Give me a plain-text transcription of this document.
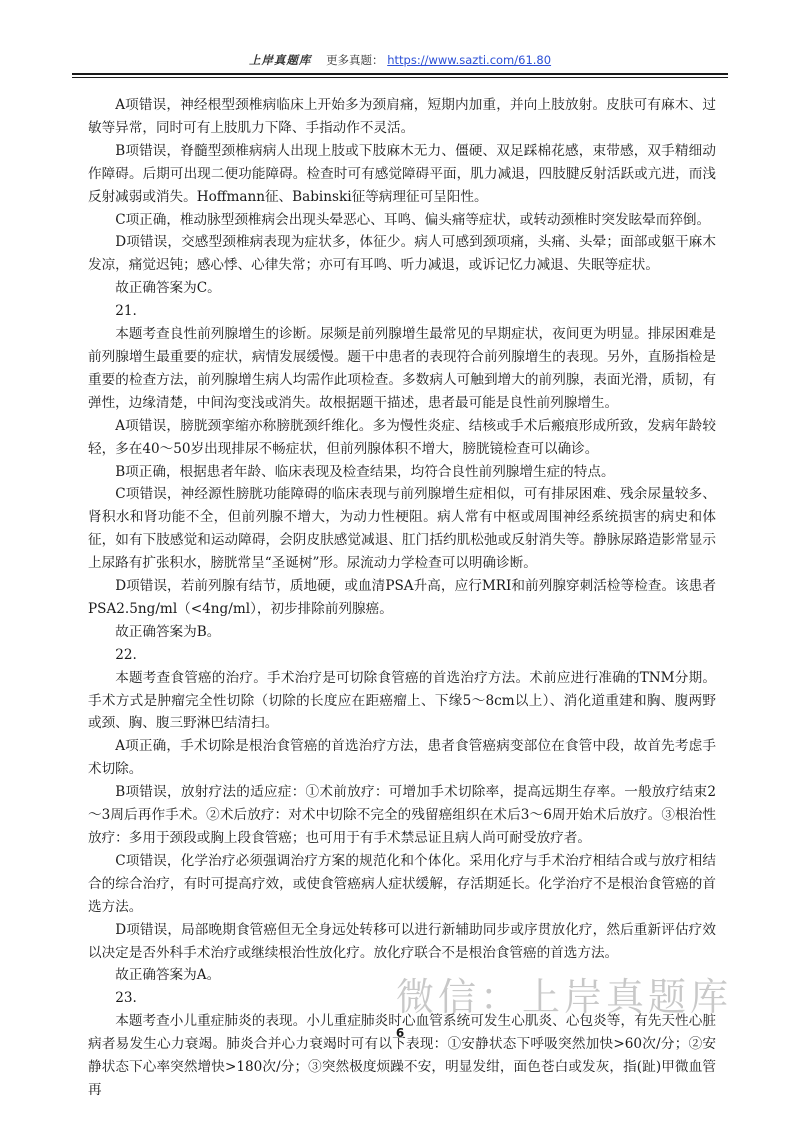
上岸真题库 更多真题： https://www.sazti.com/61.80

A项错误，神经根型颈椎病临床上开始多为颈肩痛，短期内加重，并向上肢放射。皮肤可有麻木、过敏等异常，同时可有上肢肌力下降、手指动作不灵活。

B项错误，脊髓型颈椎病病人出现上肢或下肢麻木无力、僵硬、双足踩棉花感，束带感，双手精细动作障碍。后期可出现二便功能障碍。检查时可有感觉障碍平面，肌力减退，四肢腱反射活跃或亢进，而浅反射减弱或消失。Hoffmann征、Babinski征等病理征可呈阳性。

C项正确，椎动脉型颈椎病会出现头晕恶心、耳鸣、偏头痛等症状，或转动颈椎时突发眩晕而猝倒。

D项错误，交感型颈椎病表现为症状多，体征少。病人可感到颈项痛，头痛、头晕；面部或躯干麻木发凉，痛觉迟钝；感心悸、心律失常；亦可有耳鸣、听力减退，或诉记忆力减退、失眠等症状。

故正确答案为C。

21.

本题考查良性前列腺增生的诊断。尿频是前列腺增生最常见的早期症状，夜间更为明显。排尿困难是前列腺增生最重要的症状，病情发展缓慢。题干中患者的表现符合前列腺增生的表现。另外，直肠指检是重要的检查方法，前列腺增生病人均需作此项检查。多数病人可触到增大的前列腺，表面光滑，质韧，有弹性，边缘清楚，中间沟变浅或消失。故根据题干描述，患者最可能是良性前列腺增生。

A项错误，膀胱颈挛缩亦称膀胱颈纤维化。多为慢性炎症、结核或手术后瘢痕形成所致，发病年龄较轻，多在40～50岁出现排尿不畅症状，但前列腺体积不增大，膀胱镜检查可以确诊。

B项正确，根据患者年龄、临床表现及检查结果，均符合良性前列腺增生症的特点。

C项错误，神经源性膀胱功能障碍的临床表现与前列腺增生症相似，可有排尿困难、残余尿量较多、肾积水和肾功能不全，但前列腺不增大，为动力性梗阻。病人常有中枢或周围神经系统损害的病史和体征，如有下肢感觉和运动障碍，会阴皮肤感觉减退、肛门括约肌松弛或反射消失等。静脉尿路造影常显示上尿路有扩张积水，膀胱常呈“圣诞树”形。尿流动力学检查可以明确诊断。

D项错误，若前列腺有结节，质地硬，或血清PSA升高，应行MRI和前列腺穿刺活检等检查。该患者PSA2.5ng/ml（<4ng/ml），初步排除前列腺癌。

故正确答案为B。

22.

本题考查食管癌的治疗。手术治疗是可切除食管癌的首选治疗方法。术前应进行准确的TNM分期。手术方式是肿瘤完全性切除（切除的长度应在距癌瘤上、下缘5～8cm以上）、消化道重建和胸、腹两野或颈、胸、腹三野淋巴结清扫。

A项正确，手术切除是根治食管癌的首选治疗方法，患者食管癌病变部位在食管中段，故首先考虑手术切除。

B项错误，放射疗法的适应症：①术前放疗：可增加手术切除率，提高远期生存率。一般放疗结束2～3周后再作手术。②术后放疗：对术中切除不完全的残留癌组织在术后3～6周开始术后放疗。③根治性放疗：多用于颈段或胸上段食管癌；也可用于有手术禁忌证且病人尚可耐受放疗者。

C项错误，化学治疗必须强调治疗方案的规范化和个体化。采用化疗与手术治疗相结合或与放疗相结合的综合治疗，有时可提高疗效，或使食管癌病人症状缓解，存活期延长。化学治疗不是根治食管癌的首选方法。

D项错误，局部晚期食管癌但无全身远处转移可以进行新辅助同步或序贯放化疗，然后重新评估疗效以决定是否外科手术治疗或继续根治性放化疗。放化疗联合不是根治食管癌的首选方法。

故正确答案为A。

23.

本题考查小儿重症肺炎的表现。小儿重症肺炎时心血管系统可发生心肌炎、心包炎等，有先天性心脏病者易发生心力衰竭。肺炎合并心力衰竭时可有以下表现：①安静状态下呼吸突然加快>60次/分；②安静状态下心率突然增快>180次/分；③突然极度烦躁不安，明显发绀，面色苍白或发灰，指(趾)甲微血管再

微信：上岸真题库
6
